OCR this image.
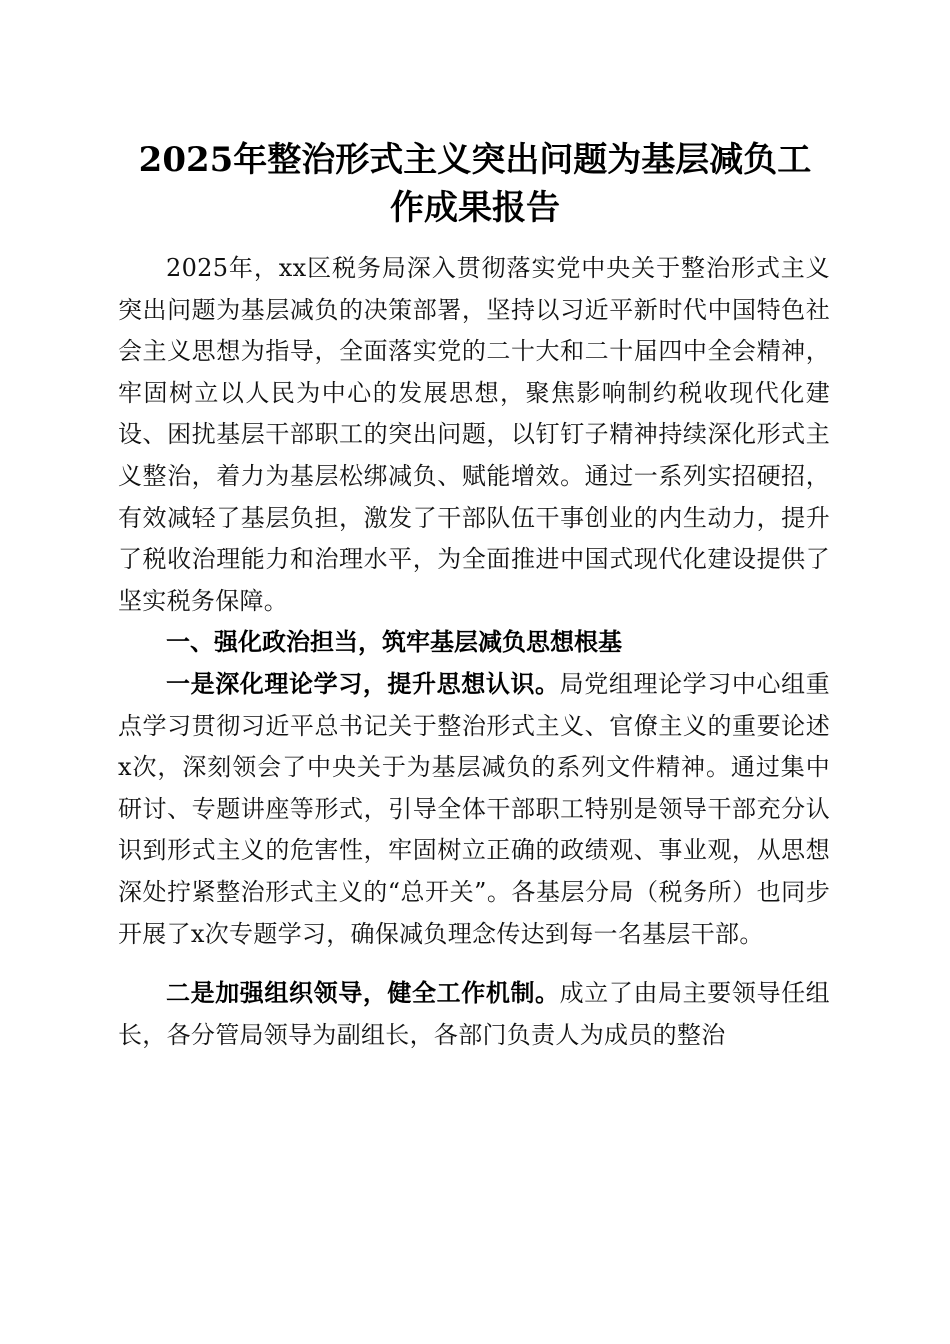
2025年整治形式主义突出问题为基层减负工
作成果报告

2025年，xx区税务局深入贯彻落实党中央关于整治形式主义突出问题为基层减负的决策部署，坚持以习近平新时代中国特色社会主义思想为指导，全面落实党的二十大和二十届四中全会精神，牢固树立以人民为中心的发展思想，聚焦影响制约税收现代化建设、困扰基层干部职工的突出问题，以钉钉子精神持续深化形式主义整治，着力为基层松绑减负、赋能增效。通过一系列实招硬招，有效减轻了基层负担，激发了干部队伍干事创业的内生动力，提升了税收治理能力和治理水平，为全面推进中国式现代化建设提供了坚实税务保障。

一、强化政治担当，筑牢基层减负思想根基

一是深化理论学习，提升思想认识。局党组理论学习中心组重点学习贯彻习近平总书记关于整治形式主义、官僚主义的重要论述x次，深刻领会了中央关于为基层减负的系列文件精神。通过集中研讨、专题讲座等形式，引导全体干部职工特别是领导干部充分认识到形式主义的危害性，牢固树立正确的政绩观、事业观，从思想深处拧紧整治形式主义的“总开关”。各基层分局（税务所）也同步开展了x次专题学习，确保减负理念传达到每一名基层干部。

二是加强组织领导，健全工作机制。成立了由局主要领导任组长，各分管局领导为副组长，各部门负责人为成员的整治
